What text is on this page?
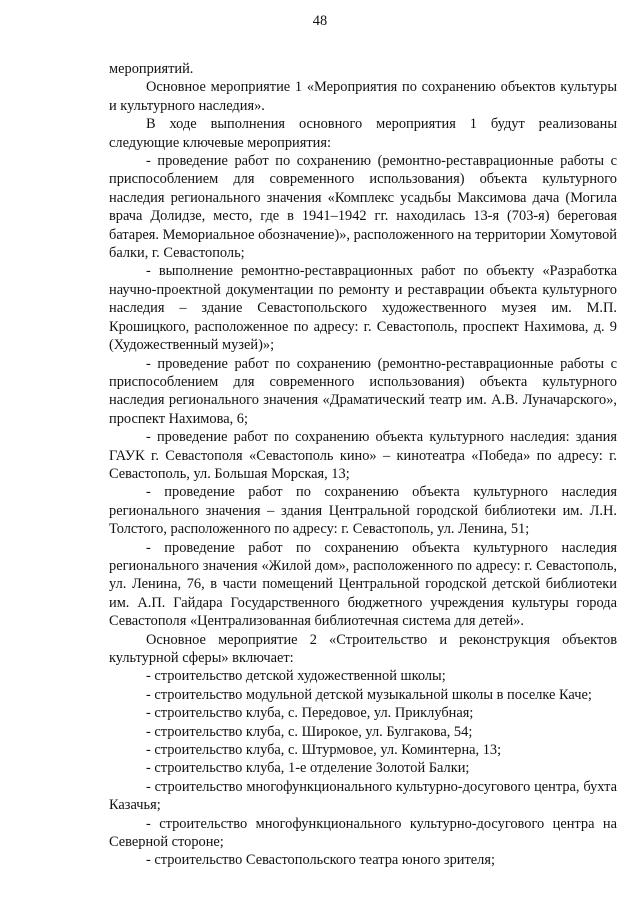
48

мероприятий.

Основное мероприятие 1 «Мероприятия по сохранению объектов культуры и культурного наследия».

В ходе выполнения основного мероприятия 1 будут реализованы следующие ключевые мероприятия:

- проведение работ по сохранению (ремонтно-реставрационные работы с приспособлением для современного использования) объекта культурного наследия регионального значения «Комплекс усадьбы Максимова дача (Могила врача Долидзе, место, где в 1941–1942 гг. находилась 13-я (703-я) береговая батарея. Мемориальное обозначение)», расположенного на территории Хомутовой балки, г. Севастополь;

- выполнение ремонтно-реставрационных работ по объекту «Разработка научно-проектной документации по ремонту и реставрации объекта культурного наследия – здание Севастопольского художественного музея им. М.П. Крошицкого, расположенное по адресу: г. Севастополь, проспект Нахимова, д. 9 (Художественный музей)»;

- проведение работ по сохранению (ремонтно-реставрационные работы с приспособлением для современного использования) объекта культурного наследия регионального значения «Драматический театр им. А.В. Луначарского», проспект Нахимова, 6;

- проведение работ по сохранению объекта культурного наследия: здания ГАУК г. Севастополя «Севастополь кино» – кинотеатра «Победа» по адресу: г. Севастополь, ул. Большая Морская, 13;

- проведение работ по сохранению объекта культурного наследия регионального значения – здания Центральной городской библиотеки им. Л.Н. Толстого, расположенного по адресу: г. Севастополь, ул. Ленина, 51;

- проведение работ по сохранению объекта культурного наследия регионального значения «Жилой дом», расположенного по адресу: г. Севастополь, ул. Ленина, 76, в части помещений Центральной городской детской библиотеки им. А.П. Гайдара Государственного бюджетного учреждения культуры города Севастополя «Централизованная библиотечная система для детей».

Основное мероприятие 2 «Строительство и реконструкция объектов культурной сферы» включает:

- строительство детской художественной школы;

- строительство модульной детской музыкальной школы в поселке Каче;

- строительство клуба, с. Передовое, ул. Приклубная;

- строительство клуба, с. Широкое, ул. Булгакова, 54;

- строительство клуба, с. Штурмовое, ул. Коминтерна, 13;

- строительство клуба, 1-е отделение Золотой Балки;

- строительство многофункционального культурно-досугового центра, бухта Казачья;

- строительство многофункционального культурно-досугового центра на Северной стороне;

- строительство Севастопольского театра юного зрителя;
